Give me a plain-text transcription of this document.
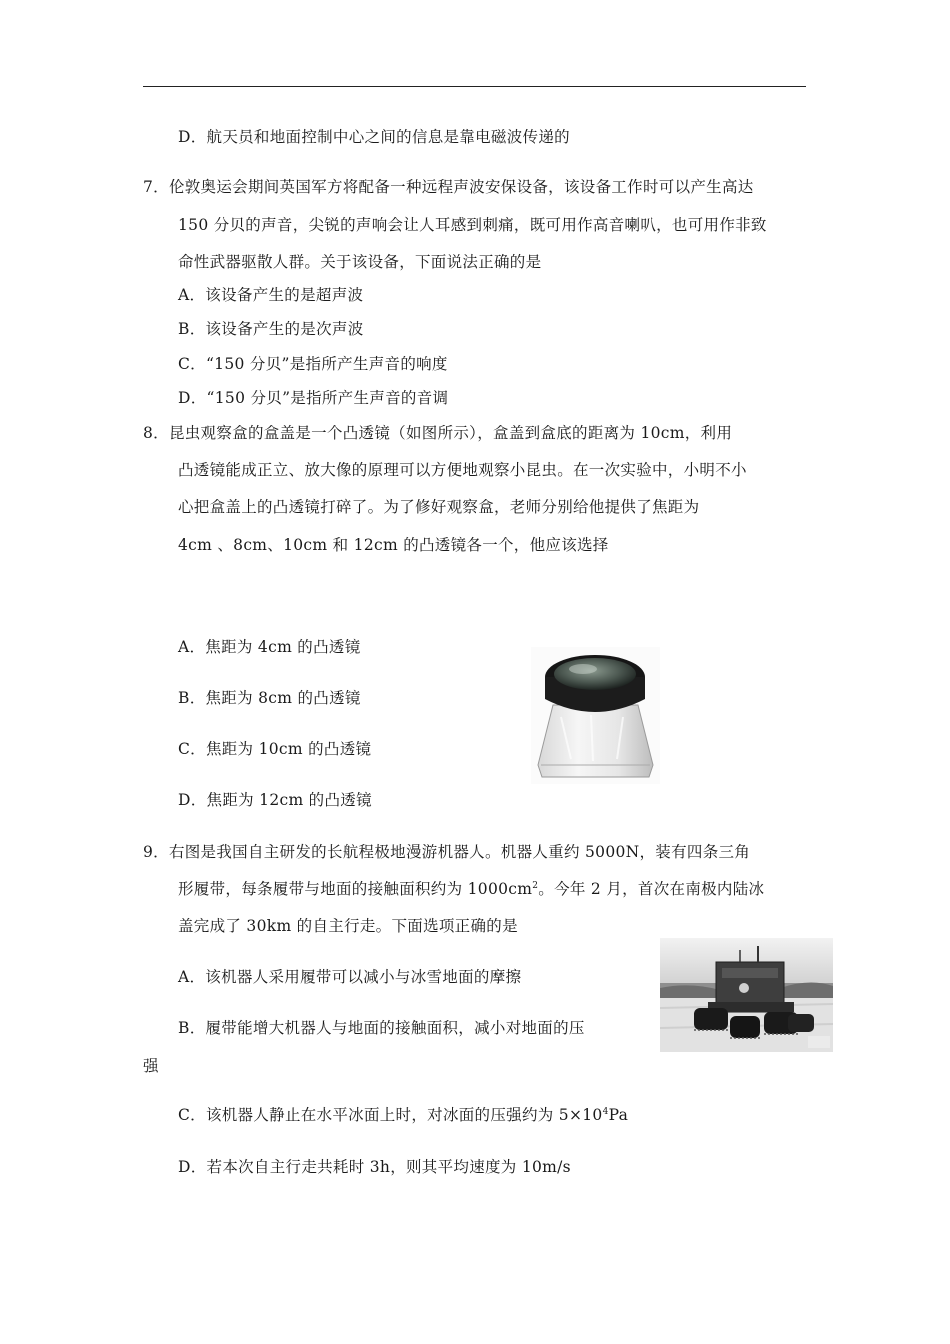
D．航天员和地面控制中心之间的信息是靠电磁波传递的
7．伦敦奥运会期间英国军方将配备一种远程声波安保设备，该设备工作时可以产生高达
150 分贝的声音，尖锐的声响会让人耳感到刺痛，既可用作高音喇叭，也可用作非致
命性武器驱散人群。关于该设备，下面说法正确的是
A．该设备产生的是超声波
B．该设备产生的是次声波
C．“150 分贝”是指所产生声音的响度
D．“150 分贝”是指所产生声音的音调
8．昆虫观察盒的盒盖是一个凸透镜（如图所示），盒盖到盒底的距离为 10cm，利用
凸透镜能成正立、放大像的原理可以方便地观察小昆虫。在一次实验中，小明不小
心把盒盖上的凸透镜打碎了。为了修好观察盒，老师分别给他提供了焦距为
4cm 、8cm、10cm 和 12cm 的凸透镜各一个，他应该选择
A．焦距为 4cm 的凸透镜
B．焦距为 8cm 的凸透镜
C．焦距为 10cm 的凸透镜
D．焦距为 12cm 的凸透镜
9．右图是我国自主研发的长航程极地漫游机器人。机器人重约 5000N，装有四条三角
形履带，每条履带与地面的接触面积约为 $1000cm^2$。今年 2 月，首次在南极内陆冰
盖完成了 30km 的自主行走。下面选项正确的是
A．该机器人采用履带可以减小与冰雪地面的摩擦
B．履带能增大机器人与地面的接触面积，减小对地面的压
强
C．该机器人静止在水平冰面上时，对冰面的压强约为 $5\times 10^4Pa$
D．若本次自主行走共耗时 3h，则其平均速度为 10m/s
